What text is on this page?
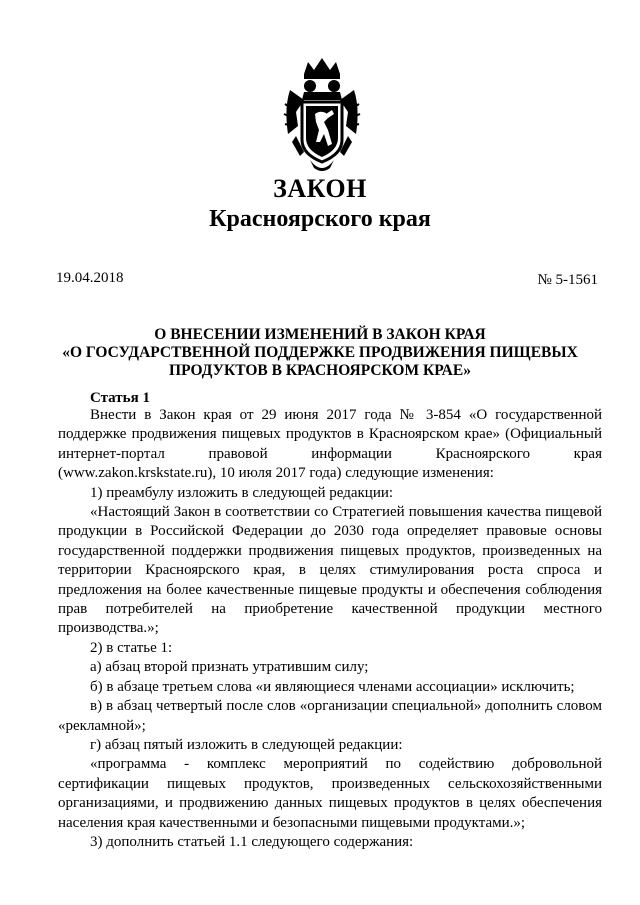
ЗАКОН
Красноярского края
19.04.2018	№ 5-1561
О ВНЕСЕНИИ ИЗМЕНЕНИЙ В ЗАКОН КРАЯ
«О ГОСУДАРСТВЕННОЙ ПОДДЕРЖКЕ ПРОДВИЖЕНИЯ ПИЩЕВЫХ
ПРОДУКТОВ В КРАСНОЯРСКОМ КРАЕ»
Статья 1

Внести в Закон края от 29 июня 2017 года № 3-854 «О государственной поддержке продвижения пищевых продуктов в Красноярском крае» (Официальный интернет-портал правовой информации Красноярского края (www.zakon.krskstate.ru), 10 июля 2017 года) следующие изменения:

1) преамбулу изложить в следующей редакции:

«Настоящий Закон в соответствии со Стратегией повышения качества пищевой продукции в Российской Федерации до 2030 года определяет правовые основы государственной поддержки продвижения пищевых продуктов, произведенных на территории Красноярского края, в целях стимулирования роста спроса и предложения на более качественные пищевые продукты и обеспечения соблюдения прав потребителей на приобретение качественной продукции местного производства.»;

2) в статье 1:

а) абзац второй признать утратившим силу;

б) в абзаце третьем слова «и являющиеся членами ассоциации» исключить;

в) в абзац четвертый после слов «организации специальной» дополнить словом «рекламной»;

г) абзац пятый изложить в следующей редакции:

«программа - комплекс мероприятий по содействию добровольной сертификации пищевых продуктов, произведенных сельскохозяйственными организациями, и продвижению данных пищевых продуктов в целях обеспечения населения края качественными и безопасными пищевыми продуктами.»;

3) дополнить статьей 1.1 следующего содержания:
